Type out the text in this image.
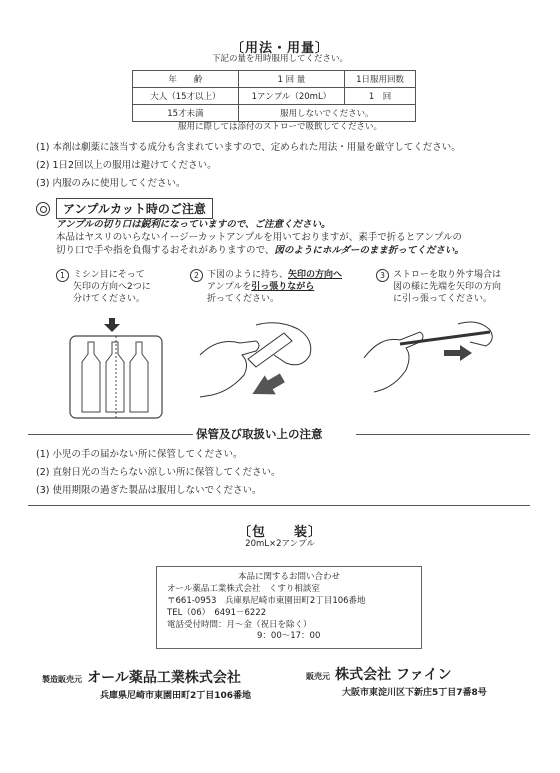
〔用法・用量〕
下記の量を用時服用してください。
年　　齢	1 回 量	1日服用回数
大人（15才以上）	1アンプル（20mL）	1　回
15才未満	服用しないでください。	
服用に際しては添付のストローで吸飲してください。

(1) 本剤は劇薬に該当する成分も含まれていますので、定められた用法・用量を厳守してください。

(2) 1日2回以上の服用は避けてください。

(3) 内服のみに使用してください。

アンプルカット時のご注意
アンプルの切り口は鋭利になっていますので、ご注意ください。
本品はヤスリのいらないイージーカットアンプルを用いておりますが、素手で折るとアンプルの
切り口で手や指を負傷するおそれがありますので、図のようにホルダーのまま折ってください。
1 ミシン目にそって
矢印の方向へ2つに
分けてください。
2 下図のように持ち、矢印の方向へ
アンプルを引っ張りながら
折ってください。
3 ストローを取り外す場合は
図の様に先端を矢印の方向
に引っ張ってください。
保管及び取扱い上の注意

(1) 小児の手の届かない所に保管してください。

(2) 直射日光の当たらない涼しい所に保管してください。

(3) 使用期限の過ぎた製品は服用しないでください。

〔包　　装〕
20mL×2アンプル
本品に関するお問い合わせ
オール薬品工業株式会社　くすり相談室
〒661-0953　兵庫県尼崎市東園田町2丁目106番地
TEL（06）　6491－6222
電話受付時間：月～金（祝日を除く）
9：00～17：00
製造販売元 オール薬品工業株式会社
兵庫県尼崎市東園田町2丁目106番地
販売元 株式会社 ファイン
大阪市東淀川区下新庄5丁目7番8号
